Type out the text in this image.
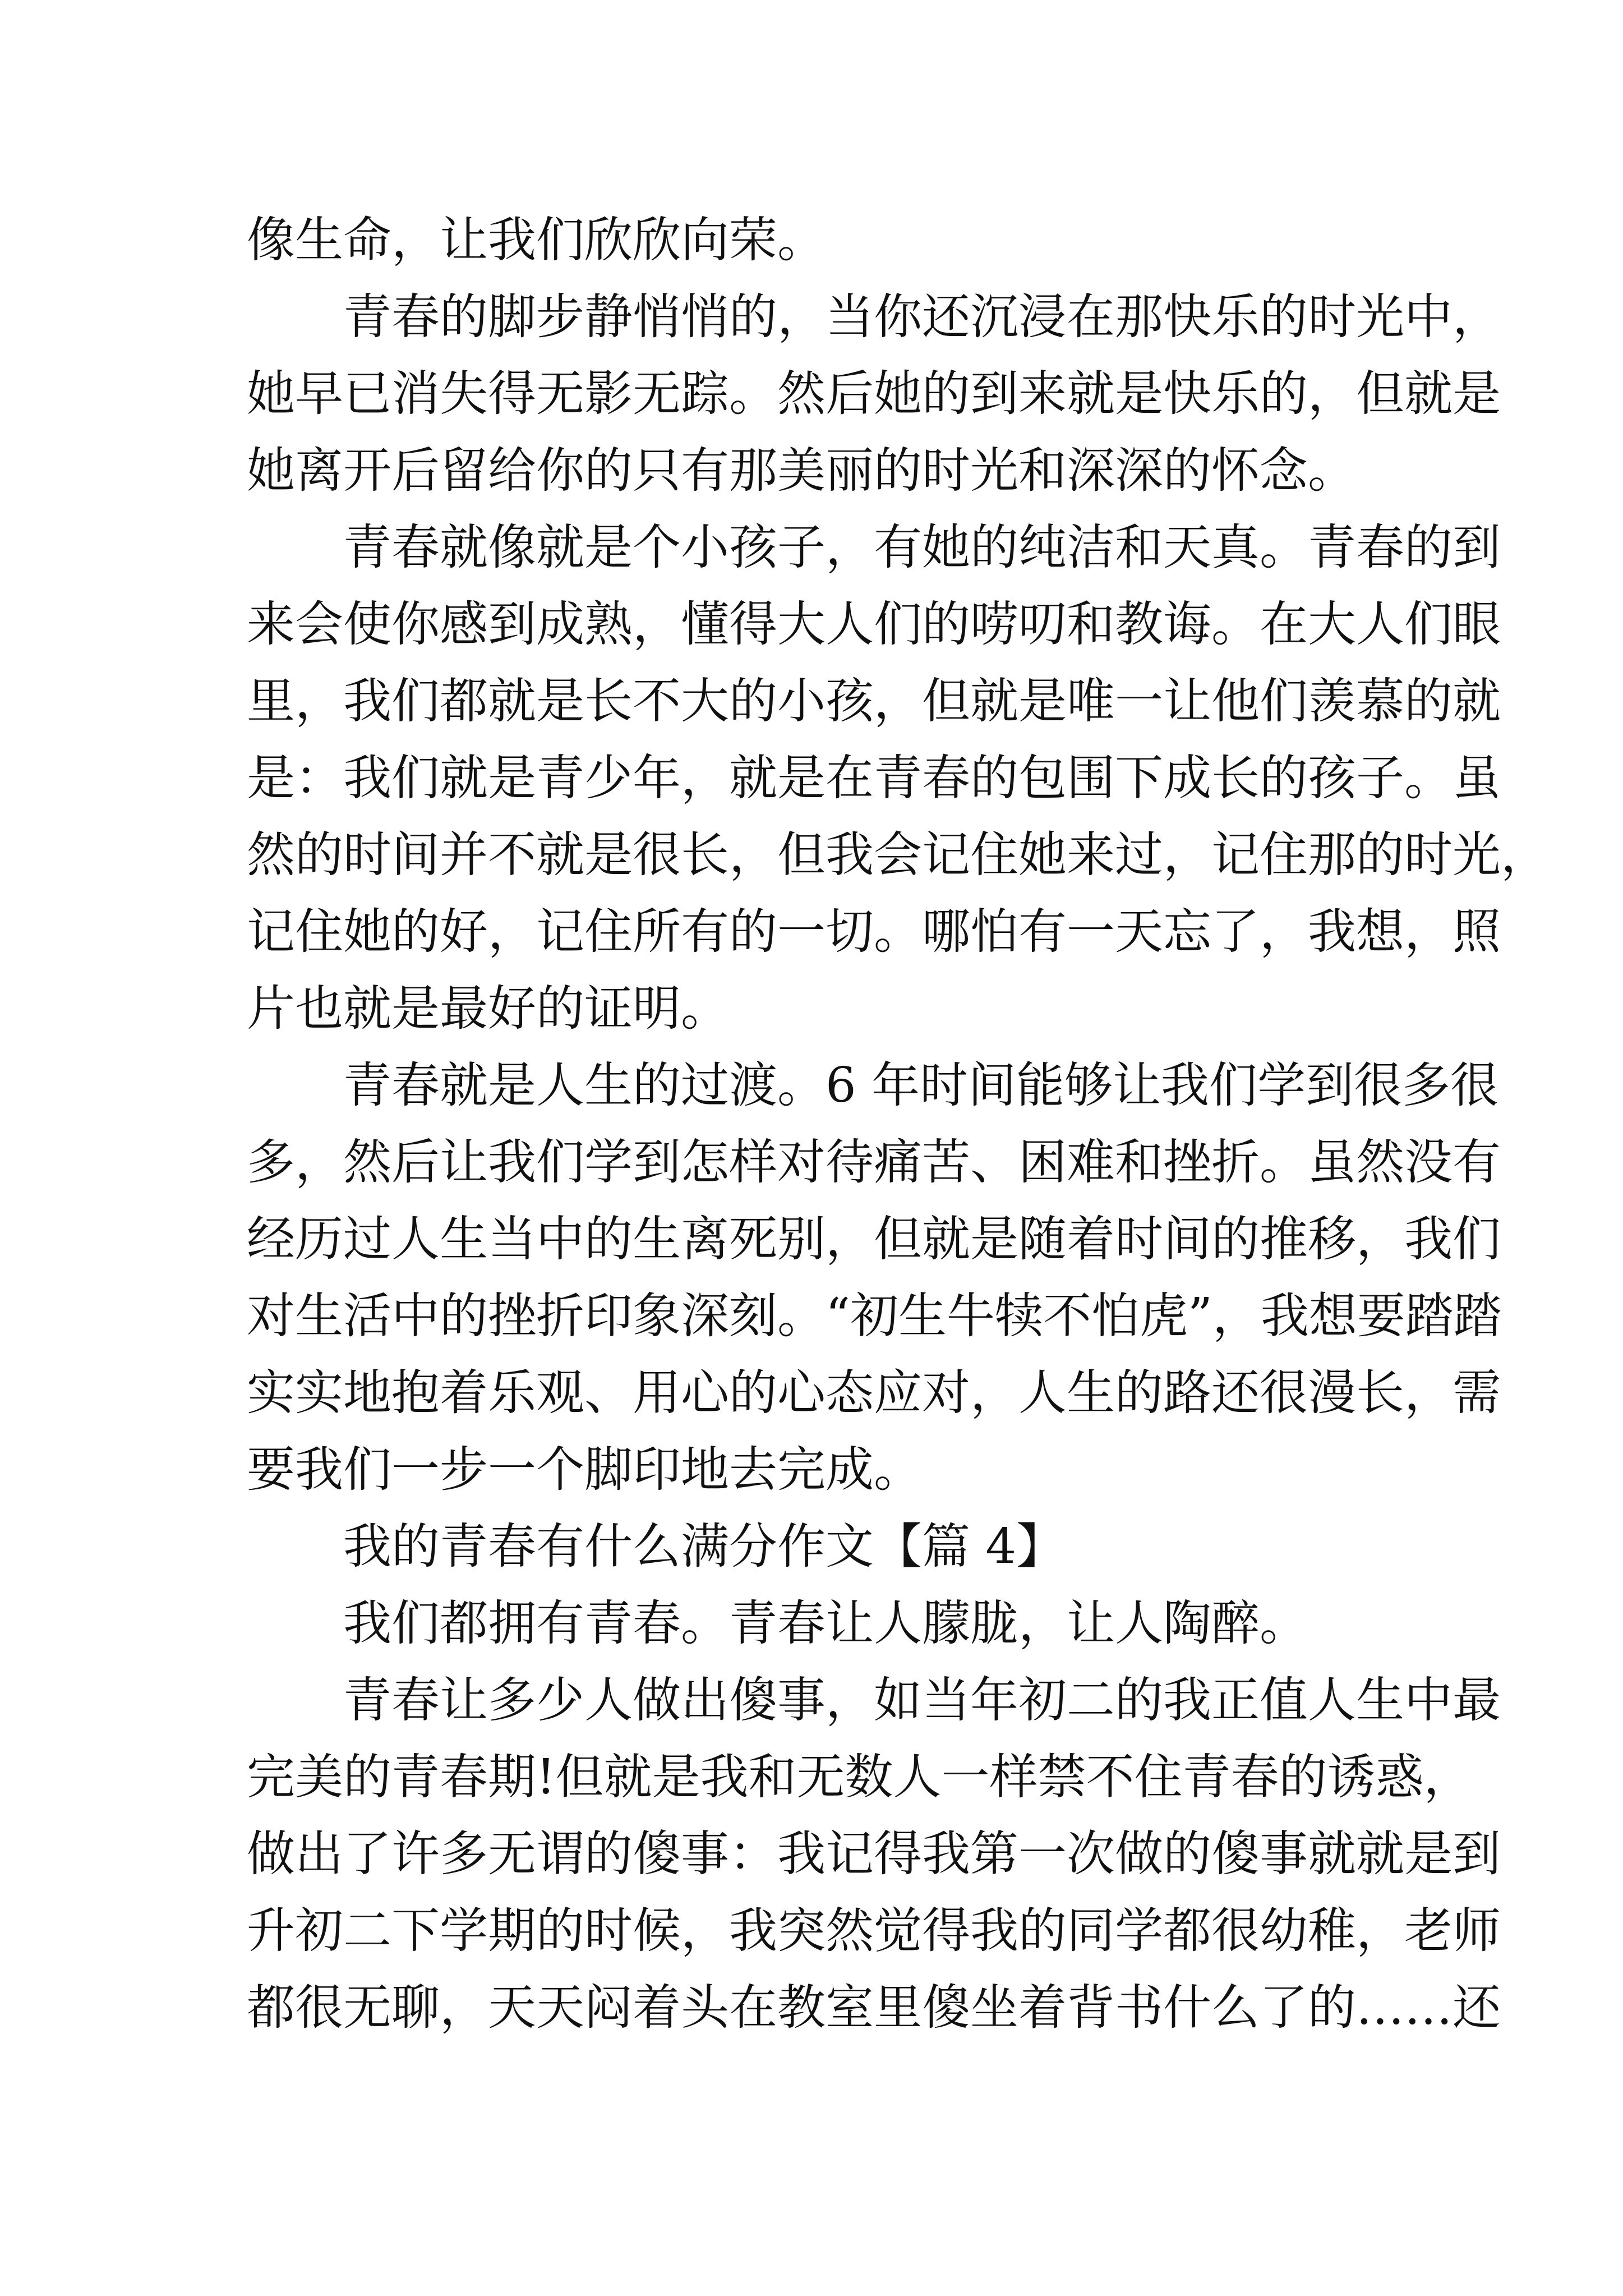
像生命，让我们欣欣向荣。
青春的脚步静悄悄的，当你还沉浸在那快乐的时光中，
她早已消失得无影无踪。然后她的到来就是快乐的，但就是
她离开后留给你的只有那美丽的时光和深深的怀念。
青春就像就是个小孩子，有她的纯洁和天真。青春的到
来会使你感到成熟，懂得大人们的唠叨和教诲。在大人们眼
里，我们都就是长不大的小孩，但就是唯一让他们羡慕的就
是：我们就是青少年，就是在青春的包围下成长的孩子。虽
然的时间并不就是很长，但我会记住她来过，记住那的时光，
记住她的好，记住所有的一切。哪怕有一天忘了，我想，照
片也就是最好的证明。
青春就是人生的过渡。6 年时间能够让我们学到很多很
多，然后让我们学到怎样对待痛苦、困难和挫折。虽然没有
经历过人生当中的生离死别，但就是随着时间的推移，我们
对生活中的挫折印象深刻。“初生牛犊不怕虎”，我想要踏踏
实实地抱着乐观、用心的心态应对，人生的路还很漫长，需
要我们一步一个脚印地去完成。
我的青春有什么满分作文【篇 4】
我们都拥有青春。青春让人朦胧，让人陶醉。
青春让多少人做出傻事，如当年初二的我正值人生中最
完美的青春期!但就是我和无数人一样禁不住青春的诱惑，
做出了许多无谓的傻事：我记得我第一次做的傻事就就是到
升初二下学期的时候，我突然觉得我的同学都很幼稚，老师
都很无聊，天天闷着头在教室里傻坐着背书什么了的……还
